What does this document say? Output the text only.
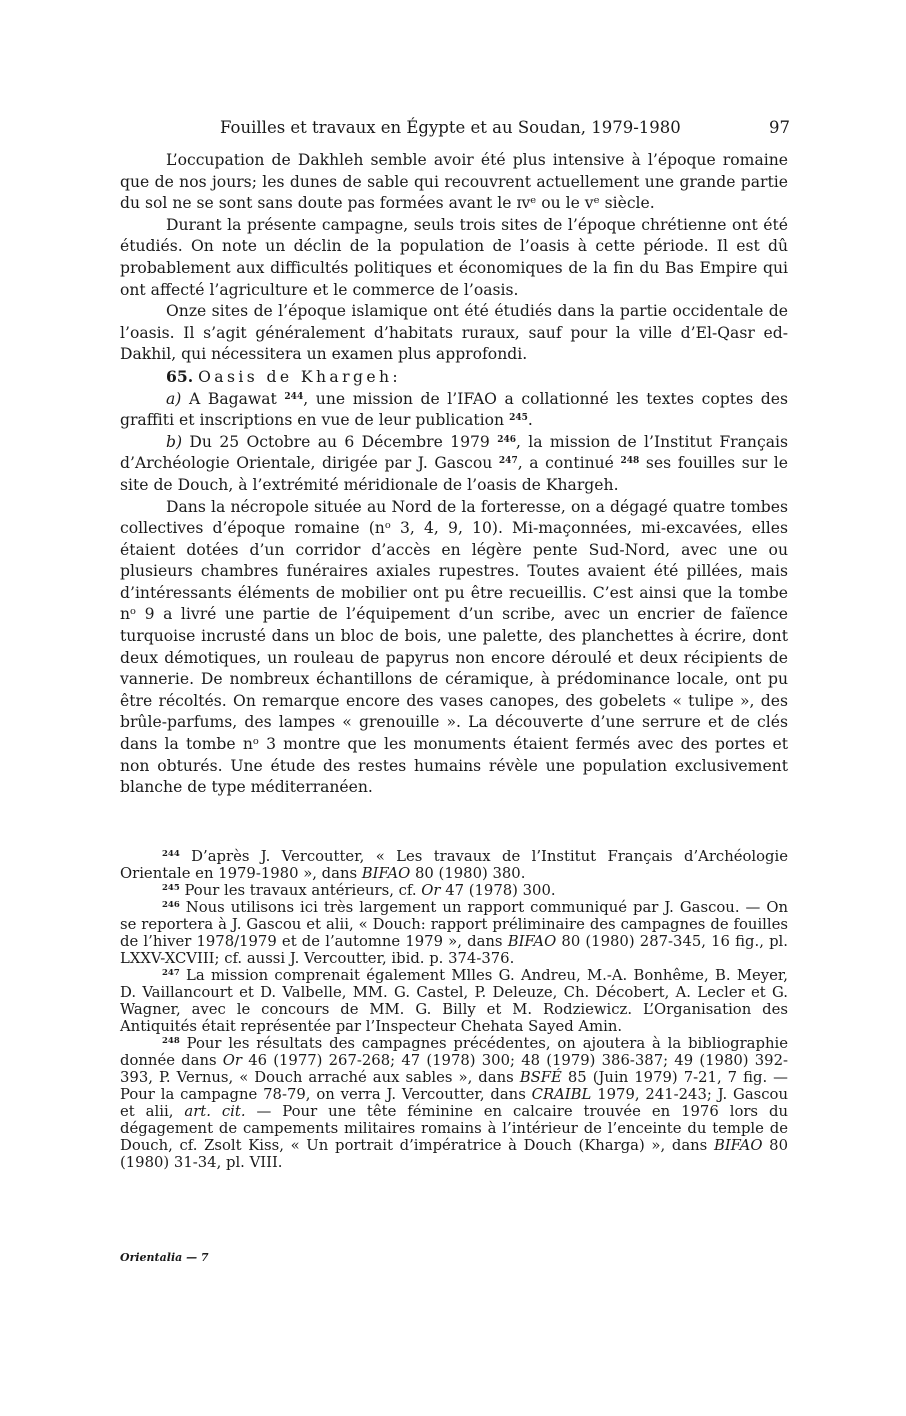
Fouilles et travaux en Égypte et au Soudan, 1979-1980	97

L’occupation de Dakhleh semble avoir été plus intensive à l’époque romaine que de nos jours; les dunes de sable qui recouvrent actuellement une grande partie du sol ne se sont sans doute pas formées avant le ɪvᵉ ou le vᵉ siècle.

Durant la présente campagne, seuls trois sites de l’époque chrétienne ont été étudiés. On note un déclin de la population de l’oasis à cette période. Il est dû probablement aux difficultés politiques et économiques de la fin du Bas Empire qui ont affecté l’agriculture et le commerce de l’oasis.

Onze sites de l’époque islamique ont été étudiés dans la partie occidentale de l’oasis. Il s’agit généralement d’habitats ruraux, sauf pour la ville d’El-Qasr ed-Dakhil, qui nécessitera un examen plus approfondi.

65. Oasis de Khargeh:

a) A Bagawat $^{244}$, une mission de l’IFAO a collationné les textes coptes des graffiti et inscriptions en vue de leur publication $^{245}$.

b) Du 25 Octobre au 6 Décembre 1979 $^{246}$, la mission de l’Institut Français d’Archéologie Orientale, dirigée par J. Gascou $^{247}$, a continué $^{248}$ ses fouilles sur le site de Douch, à l’extrémité méridionale de l’oasis de Khargeh.

Dans la nécropole située au Nord de la forteresse, on a dégagé quatre tombes collectives d’époque romaine (nᵒ 3, 4, 9, 10). Mi-maçonnées, mi-excavées, elles étaient dotées d’un corridor d’accès en légère pente Sud-Nord, avec une ou plusieurs chambres funéraires axiales rupestres. Toutes avaient été pillées, mais d’intéressants éléments de mobilier ont pu être recueillis. C’est ainsi que la tombe nᵒ 9 a livré une partie de l’équipement d’un scribe, avec un encrier de faïence turquoise incrusté dans un bloc de bois, une palette, des planchettes à écrire, dont deux démotiques, un rouleau de papyrus non encore déroulé et deux récipients de vannerie. De nombreux échantillons de céramique, à prédominance locale, ont pu être récoltés. On remarque encore des vases canopes, des gobelets « tulipe », des brûle-parfums, des lampes « grenouille ». La découverte d’une serrure et de clés dans la tombe nᵒ 3 montre que les monuments étaient fermés avec des portes et non obturés. Une étude des restes humains révèle une population exclusivement blanche de type méditerranéen.

$^{244}$ D’après J. Vercoutter, « Les travaux de l’Institut Français d’Archéologie Orientale en 1979-1980 », dans BIFAO 80 (1980) 380.

$^{245}$ Pour les travaux antérieurs, cf. Or 47 (1978) 300.

$^{246}$ Nous utilisons ici très largement un rapport communiqué par J. Gascou. — On se reportera à J. Gascou et alii, « Douch: rapport préliminaire des campagnes de fouilles de l’hiver 1978/1979 et de l’automne 1979 », dans BIFAO 80 (1980) 287-345, 16 fig., pl. LXXV-XCVIII; cf. aussi J. Vercoutter, ibid. p. 374-376.

$^{247}$ La mission comprenait également Mlles G. Andreu, M.-A. Bonhême, B. Meyer, D. Vaillancourt et D. Valbelle, MM. G. Castel, P. Deleuze, Ch. Décobert, A. Lecler et G. Wagner, avec le concours de MM. G. Billy et M. Rodziewicz. L’Organisation des Antiquités était représentée par l’Inspecteur Chehata Sayed Amin.

$^{248}$ Pour les résultats des campagnes précédentes, on ajoutera à la bibliographie donnée dans Or 46 (1977) 267-268; 47 (1978) 300; 48 (1979) 386-387; 49 (1980) 392-393, P. Vernus, « Douch arraché aux sables », dans BSFÉ 85 (Juin 1979) 7-21, 7 fig. — Pour la campagne 78-79, on verra J. Vercoutter, dans CRAIBL 1979, 241-243; J. Gascou et alii, art. cit. — Pour une tête féminine en calcaire trouvée en 1976 lors du dégagement de campements militaires romains à l’intérieur de l’enceinte du temple de Douch, cf. Zsolt Kiss, « Un portrait d’impératrice à Douch (Kharga) », dans BIFAO 80 (1980) 31-34, pl. VIII.

Orientalia — 7
